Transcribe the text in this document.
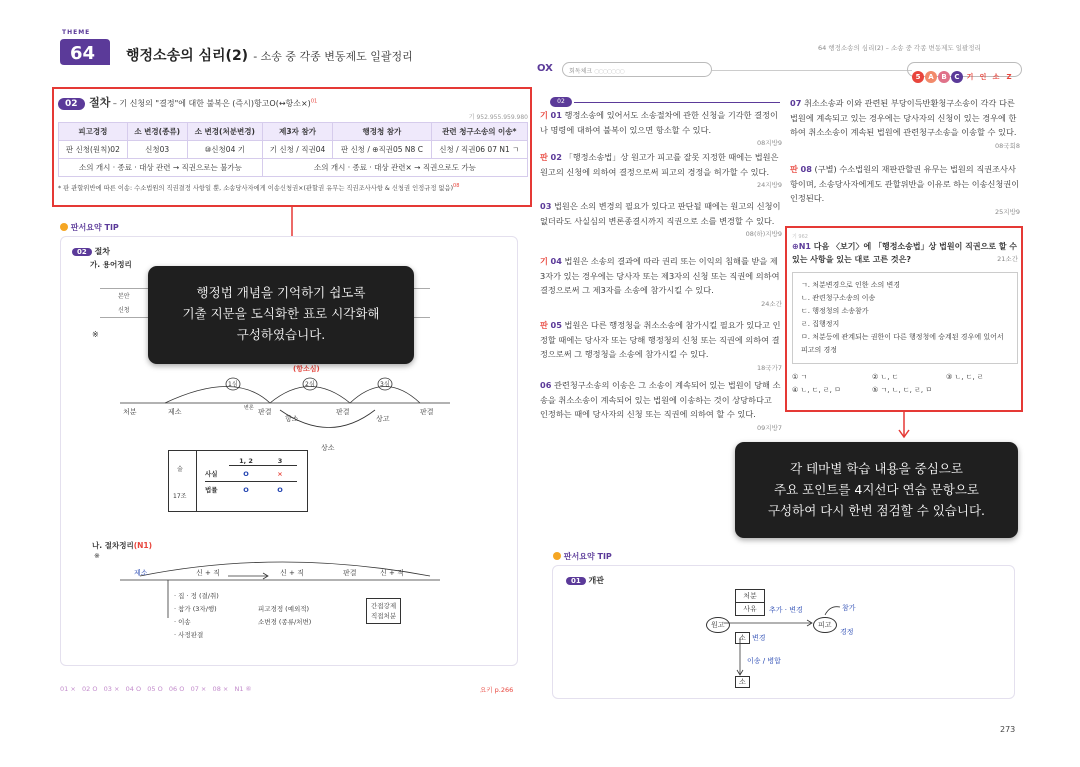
THEME
64 행정소송의 심리(2) - 소송 중 각종 변동제도 일괄정리
02 절차 – 기 신청의 "결정"에 대한 불복은 (즉시)항고O(↔항소×)$^{01}$
기 952.955.959.980
피고경정	소 변경(종류)	소 변경(처분변경)	제3자 참가	행정청 참가	관련 청구소송의 이송*
판 신청(원칙)02	신청03	⑩신청04 기	기 신청 / 직권04	판 신청 / ⊕직권05 N8 C	신청 / 직권06 07 N1 ㄱ
소의 개시 · 종료 · 대상 관련 → 직권으로는 불가능			소의 개시 · 종료 · 대상 관련× → 직권으로도 가능		
* 판 관할위반에 따른 이송: 수소법원의 직권결정 사항일 뿐, 소송당사자에게 이송신청권×(관할권 유무는 직권조사사항 & 신청권 인정규정 없음)$^{08}$
판서요약 TIP
02 절차
가. 용어정리
본안
신청
※
(항소심)
1심	2심	3심
처분	제소	변론 판결
항소
판결
상고
판결
상소
술
17조
	1, 2	3
사실	O	×
법률	O	O
나. 절차정리(N1)
※
제소	신 + 직	신 + 직	판결	신 + 직
· 집 · 정 (결/취)
· 참가 (3자/행)
· 이송
· 사정판결
피고경정 (예외적)
소변경 (종류/처변)
간접강제
직접처분
행정법 개념을 기억하기 쉽도록
기출 지문을 도식화한 표로 시각화해
구성하였습니다.
01 ×   02 O   03 ×   04 O   05 O   06 O   07 ×   08 ×   N1 ⑥	요키 p.266
64 행정소송의 심리(2) – 소송 중 각종 변동제도 일괄정리
OX	회독체크 ○○○○○○○
5 A B C 기 인 소 Z
02
기 01 행정소송에 있어서도 소송절차에 관한 신청을 기각한 결정이 나 명령에 대하여 불복이 있으면 항소할 수 있다.
08지방9
판 02 「행정소송법」상 원고가 피고를 잘못 지정한 때에는 법원은 원고의 신청에 의하여 결정으로써 피고의 경정을 허가할 수 있다.
24지방9
03 법원은 소의 변경의 필요가 있다고 판단될 때에는 원고의 신청이 없더라도 사실심의 변론종결시까지 직권으로 소를 변경할 수 있다.
08(하)지방9
기 04 법원은 소송의 결과에 따라 권리 또는 이익의 침해를 받을 제3자가 있는 경우에는 당사자 또는 제3자의 신청 또는 직권에 의하여 결정으로써 그 제3자를 소송에 참가시킬 수 있다.
24소간
판 05 법원은 다른 행정청을 취소소송에 참가시킬 필요가 있다고 인정할 때에는 당사자 또는 당해 행정청의 신청 또는 직권에 의하여 결정으로써 그 행정청을 소송에 참가시킬 수 있다.
18국가7
06 관련청구소송의 이송은 그 소송이 계속되어 있는 법원이 당해 소송을 취소소송이 계속되어 있는 법원에 이송하는 것이 상당하다고 인정하는 때에 당사자의 신청 또는 직권에 의하여 할 수 있다.
09지방7
07 취소소송과 이와 관련된 부당이득반환청구소송이 각각 다른 법원에 계속되고 있는 경우에는 당사자의 신청이 있는 경우에 한하여 취소소송이 계속된 법원에 관련청구소송을 이송할 수 있다.
08국회8
판 08 (구별) 수소법원의 재판관할권 유무는 법원의 직권조사사항이며, 소송당사자에게도 관할위반을 이유로 하는 이송신청권이 인정된다.
25지방9
기 962
⊕N1 다음 〈보기〉에 「행정소송법」상 법원이 직권으로 할 수 있는 사항을 있는 대로 고른 것은?	21소간
ㄱ. 처분변경으로 인한 소의 변경
ㄴ. 관련청구소송의 이송
ㄷ. 행정청의 소송참가
ㄹ. 집행정지
ㅁ. 처분등에 관계되는 권한이 다른 행정청에 승계된 경우에 있어서 피고의 경정
① ㄱ	② ㄴ, ㄷ	③ ㄴ, ㄷ, ㄹ
④ ㄴ, ㄷ, ㄹ, ㅁ	⑤ ㄱ, ㄴ, ㄷ, ㄹ, ㅁ
각 테마별 학습 내용을 중심으로
주요 포인트를 4지선다 연습 문항으로
구성하여 다시 한번 점검할 수 있습니다.
판서요약 TIP
01 개관
처분
사유	추가 · 변경
원고	피고
참가
경정
소 변경
이송 / 병합
소
273
